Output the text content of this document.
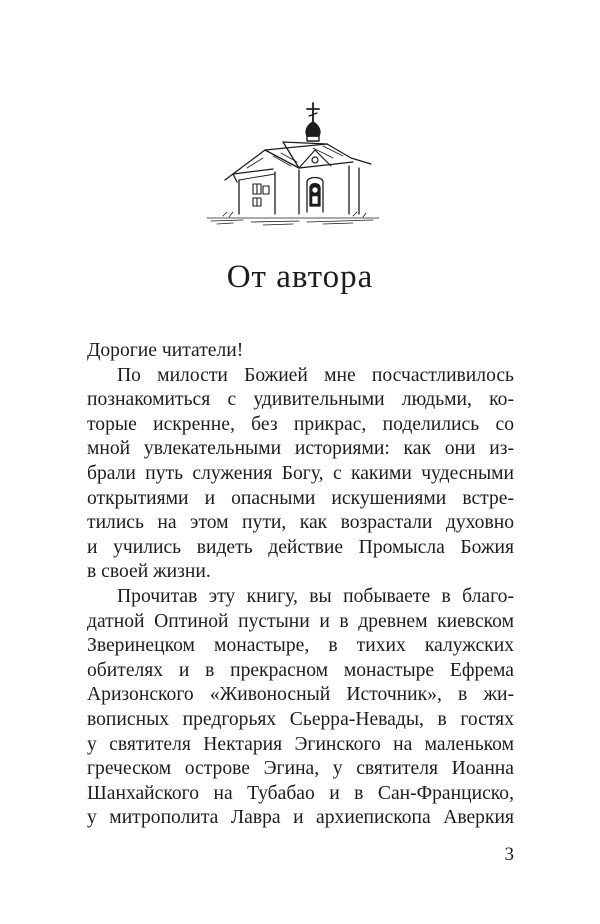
От автора
Дорогие читатели!
По милости Божией мне посчастливилось
познакомиться с удивительными людьми, ко-
торые искренне, без прикрас, поделились со
мной увлекательными историями: как они из-
брали путь служения Богу, с какими чудесными
открытиями и опасными искушениями встре-
тились на этом пути, как возрастали духовно
и учились видеть действие Промысла Божия
в своей жизни.
Прочитав эту книгу, вы побываете в благо-
датной Оптиной пустыни и в древнем киевском
Зверинецком монастыре, в тихих калужских
обителях и в прекрасном монастыре Ефрема
Аризонского «Живоносный Источник», в жи-
вописных предгорьях Сьерра-Невады, в гостях
у святителя Нектария Эгинского на маленьком
греческом острове Эгина, у святителя Иоанна
Шанхайского на Тубабао и в Сан-Франциско,
у митрополита Лавра и архиепископа Аверкия
3
